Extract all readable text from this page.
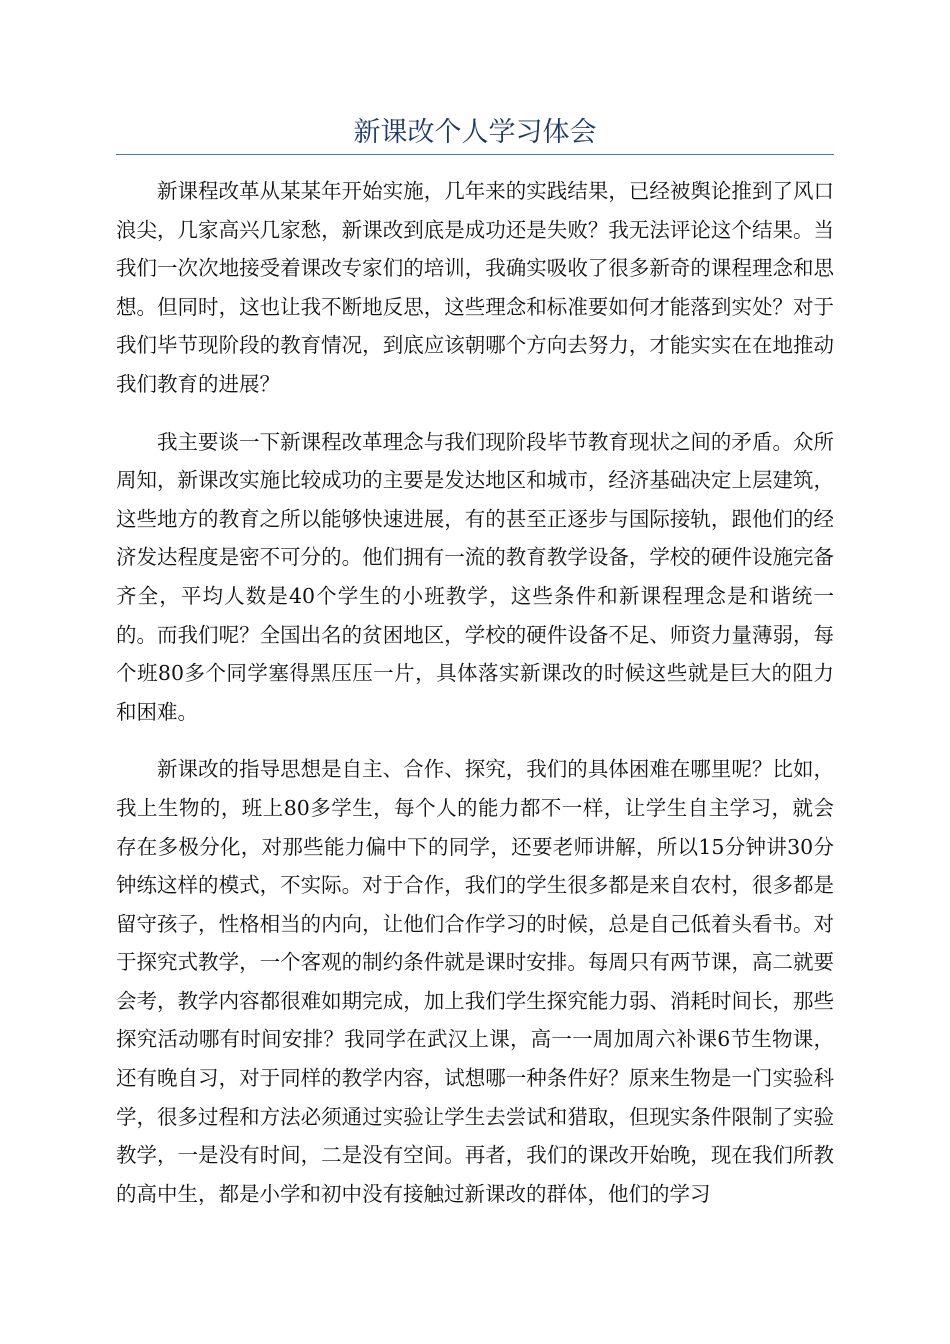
新课改个人学习体会

新课程改革从某某年开始实施，几年来的实践结果，已经被舆论推到了风口浪尖，几家高兴几家愁，新课改到底是成功还是失败？我无法评论这个结果。当我们一次次地接受着课改专家们的培训，我确实吸收了很多新奇的课程理念和思想。但同时，这也让我不断地反思，这些理念和标准要如何才能落到实处？对于我们毕节现阶段的教育情况，到底应该朝哪个方向去努力，才能实实在在地推动我们教育的进展？

我主要谈一下新课程改革理念与我们现阶段毕节教育现状之间的矛盾。众所周知，新课改实施比较成功的主要是发达地区和城市，经济基础决定上层建筑，这些地方的教育之所以能够快速进展，有的甚至正逐步与国际接轨，跟他们的经济发达程度是密不可分的。他们拥有一流的教育教学设备，学校的硬件设施完备齐全，平均人数是40个学生的小班教学，这些条件和新课程理念是和谐统一的。而我们呢？全国出名的贫困地区，学校的硬件设备不足、师资力量薄弱，每个班80多个同学塞得黑压压一片，具体落实新课改的时候这些就是巨大的阻力和困难。

新课改的指导思想是自主、合作、探究，我们的具体困难在哪里呢？比如，我上生物的，班上80多学生，每个人的能力都不一样，让学生自主学习，就会存在多极分化，对那些能力偏中下的同学，还要老师讲解，所以15分钟讲30分钟练这样的模式，不实际。对于合作，我们的学生很多都是来自农村，很多都是留守孩子，性格相当的内向，让他们合作学习的时候，总是自己低着头看书。对于探究式教学，一个客观的制约条件就是课时安排。每周只有两节课，高二就要会考，教学内容都很难如期完成，加上我们学生探究能力弱、消耗时间长，那些探究活动哪有时间安排？我同学在武汉上课，高一一周加周六补课6节生物课，还有晚自习，对于同样的教学内容，试想哪一种条件好？原来生物是一门实验科学，很多过程和方法必须通过实验让学生去尝试和猎取，但现实条件限制了实验教学，一是没有时间，二是没有空间。再者，我们的课改开始晚，现在我们所教的高中生，都是小学和初中没有接触过新课改的群体，他们的学习
